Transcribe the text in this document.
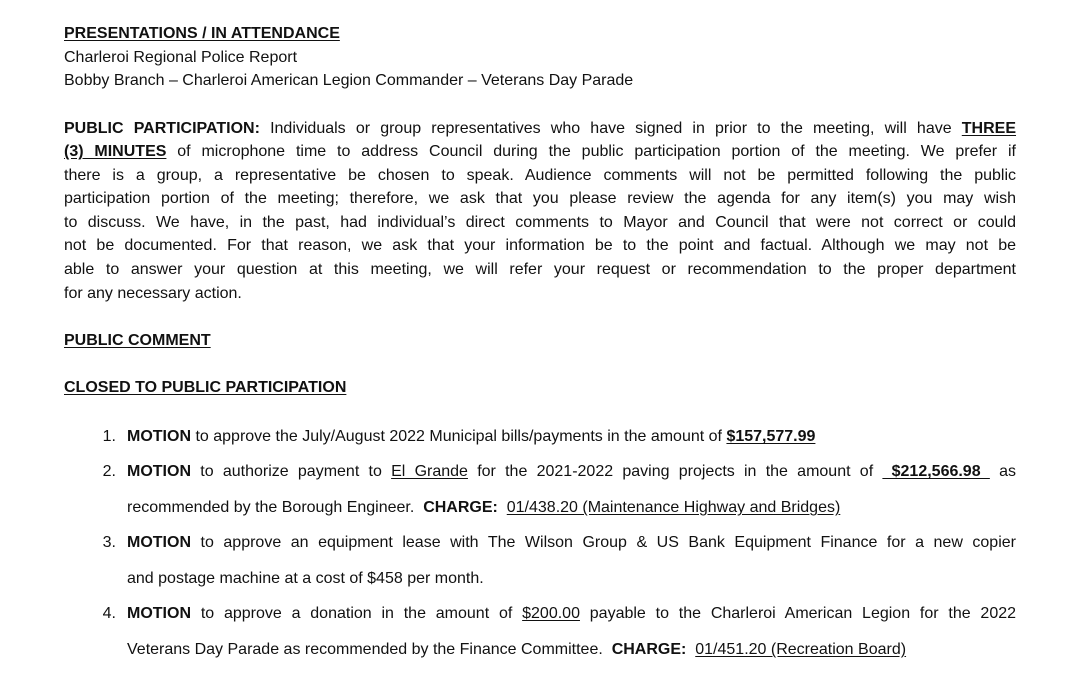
PRESENTATIONS / IN ATTENDANCE
Charleroi Regional Police Report
Bobby Branch – Charleroi American Legion Commander – Veterans Day Parade
PUBLIC PARTICIPATION: Individuals or group representatives who have signed in prior to the meeting, will have THREE
(3) MINUTES of microphone time to address Council during the public participation portion of the meeting. We prefer if
there is a group, a representative be chosen to speak. Audience comments will not be permitted following the public
participation portion of the meeting; therefore, we ask that you please review the agenda for any item(s) you may wish
to discuss. We have, in the past, had individual’s direct comments to Mayor and Council that were not correct or could
not be documented. For that reason, we ask that your information be to the point and factual. Although we may not be
able to answer your question at this meeting, we will refer your request or recommendation to the proper department
for any necessary action.
PUBLIC COMMENT
CLOSED TO PUBLIC PARTICIPATION
1. MOTION to approve the July/August 2022 Municipal bills/payments in the amount of $157,577.99
2. MOTION to authorize payment to El Grande for the 2021-2022 paving projects in the amount of  $212,566.98  as
recommended by the Borough Engineer. CHARGE: 01/438.20 (Maintenance Highway and Bridges)
3. MOTION to approve an equipment lease with The Wilson Group & US Bank Equipment Finance for a new copier
and postage machine at a cost of $458 per month.
4. MOTION to approve a donation in the amount of $200.00 payable to the Charleroi American Legion for the 2022
Veterans Day Parade as recommended by the Finance Committee. CHARGE: 01/451.20 (Recreation Board)
